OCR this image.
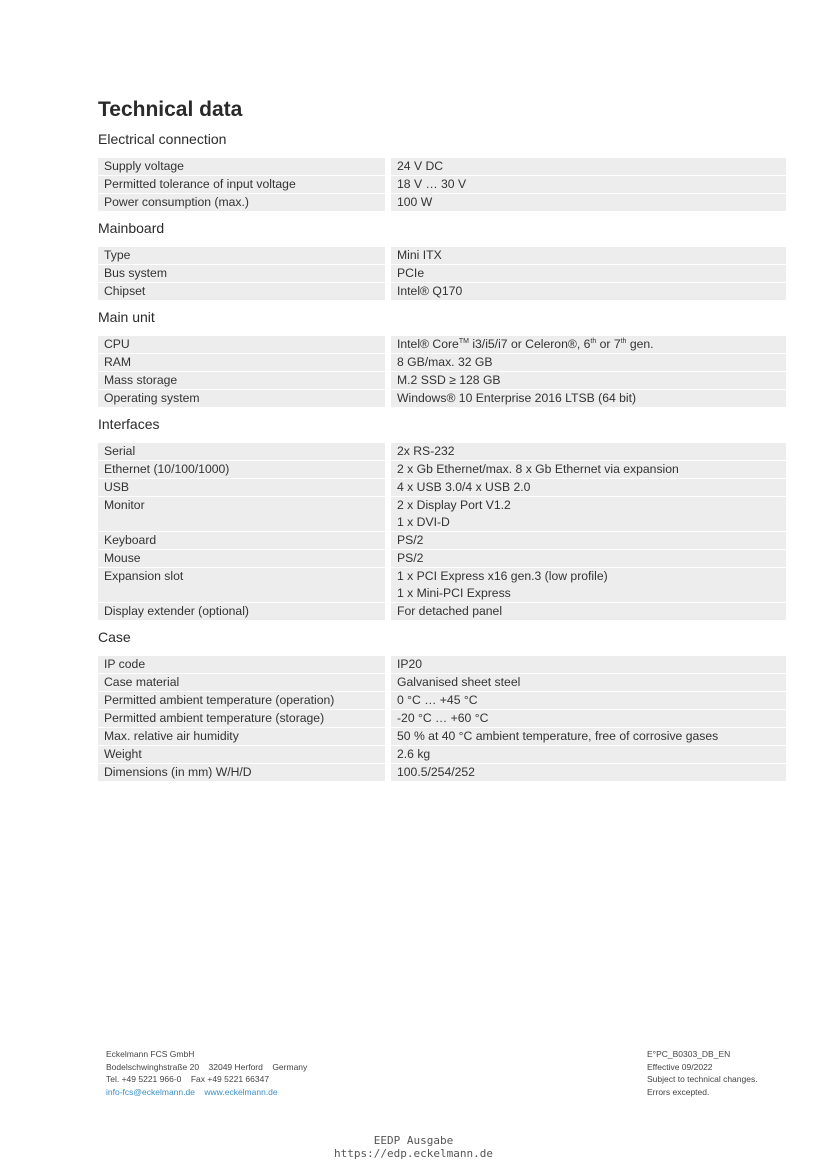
Technical data
Electrical connection
Supply voltage		24 V DC

Permitted tolerance of input voltage		18 V … 30 V

Power consumption (max.)		100 W
Mainboard
Type		Mini ITX

Bus system		PCIe

Chipset		Intel® Q170
Main unit
CPU		Intel® Core™ i3/i5/i7 or Celeron®, 6th or 7th gen.

RAM		8 GB/max. 32 GB

Mass storage		M.2 SSD ≥ 128 GB

Operating system		Windows® 10 Enterprise 2016 LTSB (64 bit)
Interfaces
Serial		2x RS-232

Ethernet (10/100/1000)		2 x Gb Ethernet/max. 8 x Gb Ethernet via expansion

USB		4 x USB 3.0/4 x USB 2.0

Monitor		2 x Display Port V1.2
1 x DVI-D

Keyboard		PS/2

Mouse		PS/2

Expansion slot		1 x PCI Express x16 gen.3 (low profile)
1 x Mini-PCI Express

Display extender (optional)		For detached panel
Case
IP code		IP20

Case material		Galvanised sheet steel

Permitted ambient temperature (operation)		0 °C … +45 °C

Permitted ambient temperature (storage)		-20 °C … +60 °C

Max. relative air humidity		50 % at 40 °C ambient temperature, free of corrosive gases

Weight		2.6 kg

Dimensions (in mm) W/H/D		100.5/254/252
Eckelmann FCS GmbH
Bodelschwinghstraße 20    32049 Herford    Germany
Tel. +49 5221 966-0    Fax +49 5221 66347
info-fcs@eckelmann.de www.eckelmann.de
E°PC_B0303_DB_EN
Effective 09/2022
Subject to technical changes.
Errors excepted.
EEDP Ausgabe
https://edp.eckelmann.de
